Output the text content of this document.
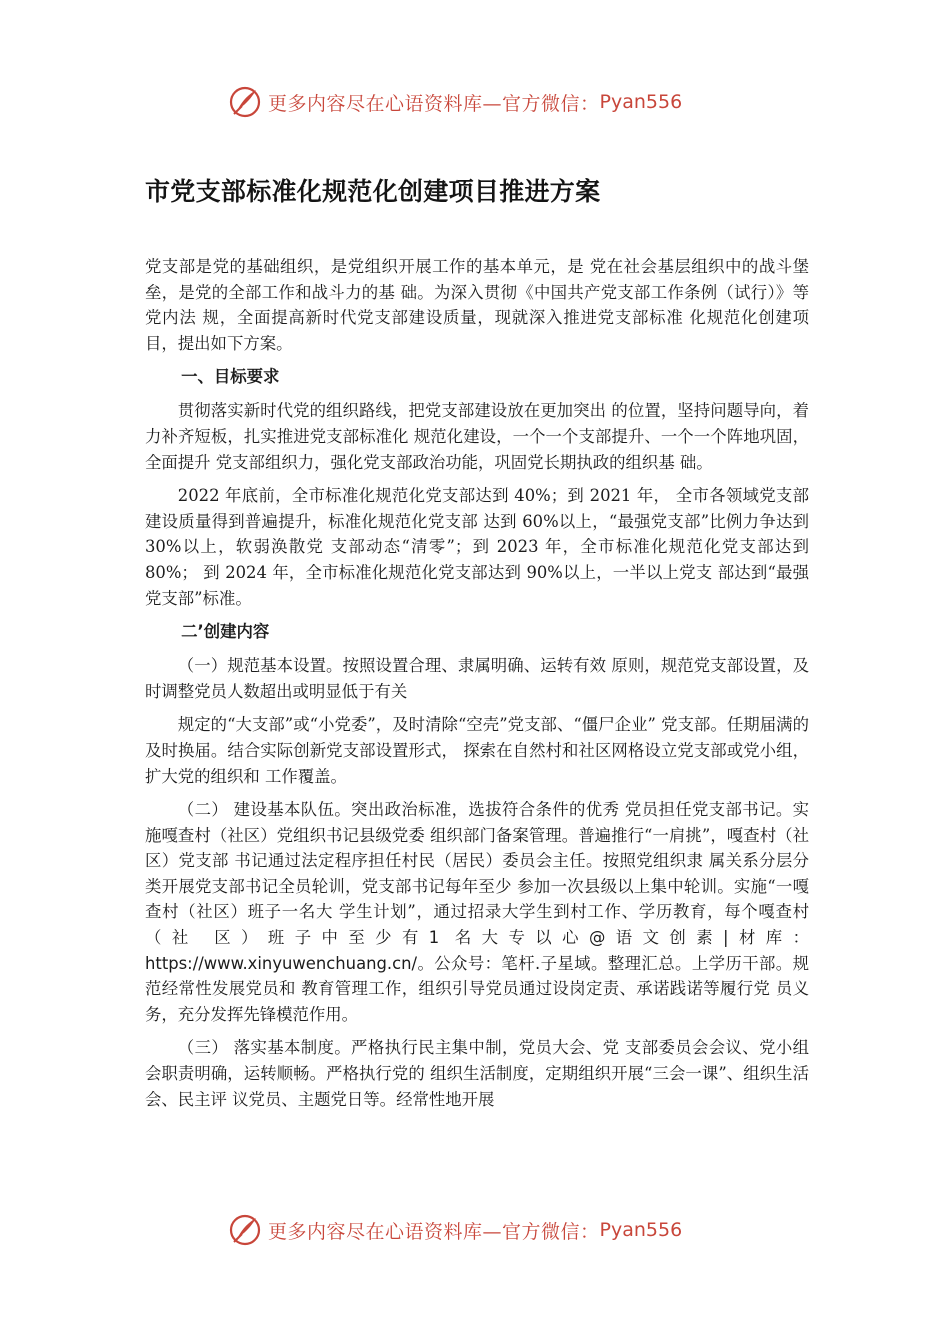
更多内容尽在心语资料库—官方微信： Pyan556
市党支部标准化规范化创建项目推进方案

党支部是党的基础组织，是党组织开展工作的基本单元，是 党在社会基层组织中的战斗堡垒，是党的全部工作和战斗力的基 础。为深入贯彻《中国共产党支部工作条例（试行）》等党内法 规，全面提高新时代党支部建设质量，现就深入推进党支部标准 化规范化创建项目，提出如下方案。

一、目标要求

贯彻落实新时代党的组织路线，把党支部建设放在更加突出 的位置，坚持问题导向，着力补齐短板，扎实推进党支部标准化 规范化建设，一个一个支部提升、一个一个阵地巩固，全面提升 党支部组织力，强化党支部政治功能，巩固党长期执政的组织基 础。

2022 年底前，全市标准化规范化党支部达到 40%；到 2021 年， 全市各领域党支部建设质量得到普遍提升，标准化规范化党支部 达到 60%以上，“最强党支部”比例力争达到 30%以上，软弱涣散党 支部动态“清零”；到 2023 年，全市标准化规范化党支部达到 80%； 到 2024 年，全市标准化规范化党支部达到 90%以上，一半以上党支 部达到“最强党支部”标准。

二’创建内容

（一）规范基本设置。按照设置合理、隶属明确、运转有效 原则，规范党支部设置，及时调整党员人数超出或明显低于有关

规定的“大支部”或“小党委”，及时清除“空壳”党支部、“僵尸企业” 党支部。任期届满的及时换届。结合实际创新党支部设置形式， 探索在自然村和社区网格设立党支部或党小组，扩大党的组织和 工作覆盖。

（二） 建设基本队伍。突出政治标准，选拔符合条件的优秀 党员担任党支部书记。实施嘎查村（社区）党组织书记县级党委 组织部门备案管理。普遍推行“一肩挑”，嘎查村（社区）党支部 书记通过法定程序担任村民（居民）委员会主任。按照党组织隶 属关系分层分类开展党支部书记全员轮训，党支部书记每年至少 参加一次县级以上集中轮训。实施“一嘎查村（社区）班子一名大 学生计划”，通过招录大学生到村工作、学历教育，每个嘎查村（社 区）班子中至少有1 名大专以心@语文创素|材库：https://www.xinyuwenchuang.cn/。公众号：笔杆.子星域。整理汇总。上学历干部。规范经常性发展党员和 教育管理工作，组织引导党员通过设岗定责、承诺践诺等履行党 员义务，充分发挥先锋模范作用。

（三） 落实基本制度。严格执行民主集中制，党员大会、党 支部委员会会议、党小组会职责明确，运转顺畅。严格执行党的 组织生活制度，定期组织开展“三会一课”、组织生活会、民主评 议党员、主题党日等。经常性地开展

更多内容尽在心语资料库—官方微信： Pyan556
